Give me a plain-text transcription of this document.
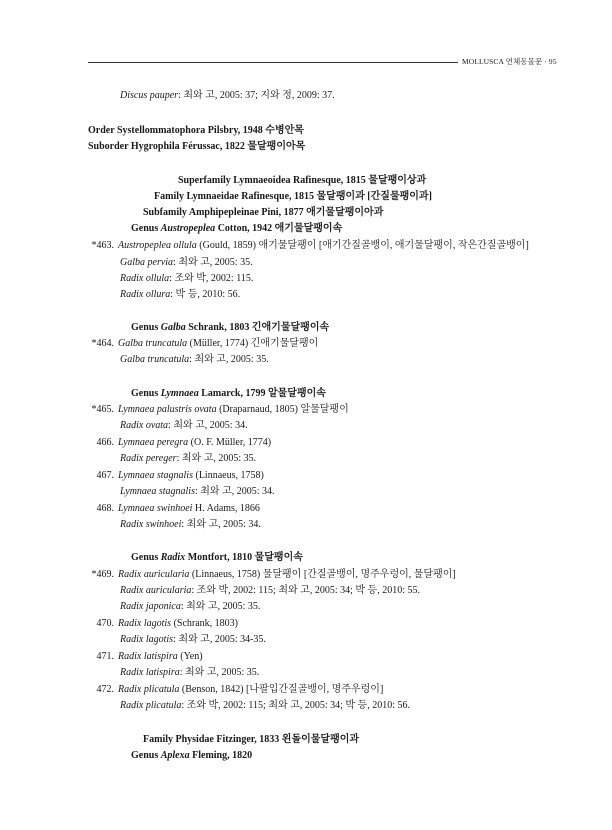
MOLLUSCA 연체동물문 · 95
Discus pauper: 최와 고, 2005: 37; 지와 정, 2009: 37.
Order Systellommatophora Pilsbry, 1948 수병안목
Suborder Hygrophila Férussac, 1822 물달팽이아목
Superfamily Lymnaeoidea Rafinesque, 1815 물달팽이상과
Family Lymnaeidae Rafinesque, 1815 물달팽이과 [간질물팽이과]
Subfamily Amphipepleinae Pini, 1877 애기물달팽이아과
Genus Austropeplea Cotton, 1942 애기물달팽이속
*463. Austropeplea ollula (Gould, 1859) 애기물달팽이 [애기간질골뱅이, 애기물달팽이, 작은간질골뱅이]
Galba pervia: 최와 고, 2005: 35.
Radix ollula: 조와 박, 2002: 115.
Radix ollura: 박 등, 2010: 56.
Genus Galba Schrank, 1803 긴애기물달팽이속
*464. Galba truncatula (Müller, 1774) 긴애기물달팽이
Galba truncatula: 최와 고, 2005: 35.
Genus Lymnaea Lamarck, 1799 알물달팽이속
*465. Lymnaea palustris ovata (Draparnaud, 1805) 알물달팽이
Radix ovata: 최와 고, 2005: 34.
466. Lymnaea peregra (O. F. Müller, 1774)
Radix pereger: 최와 고, 2005: 35.
467. Lymnaea stagnalis (Linnaeus, 1758)
Lymnaea stagnalis: 최와 고, 2005: 34.
468. Lymnaea swinhoei H. Adams, 1866
Radix swinhoei: 최와 고, 2005: 34.
Genus Radix Montfort, 1810 물달팽이속
*469. Radix auricularia (Linnaeus, 1758) 물달팽이 [간질골뱅이, 명주우렁이, 물달팽이]
Radix auricularia: 조와 박, 2002: 115; 최와 고, 2005: 34; 박 등, 2010: 55.
Radix japonica: 최와 고, 2005: 35.
470. Radix lagotis (Schrank, 1803)
Radix lagotis: 최와 고, 2005: 34-35.
471. Radix latispira (Yen)
Radix latispira: 최와 고, 2005: 35.
472. Radix plicatula (Benson, 1842) [나팔입간질골뱅이, 명주우렁이]
Radix plicatula: 조와 박, 2002: 115; 최와 고, 2005: 34; 박 등, 2010: 56.
Family Physidae Fitzinger, 1833 왼돌이물달팽이과
Genus Aplexa Fleming, 1820
